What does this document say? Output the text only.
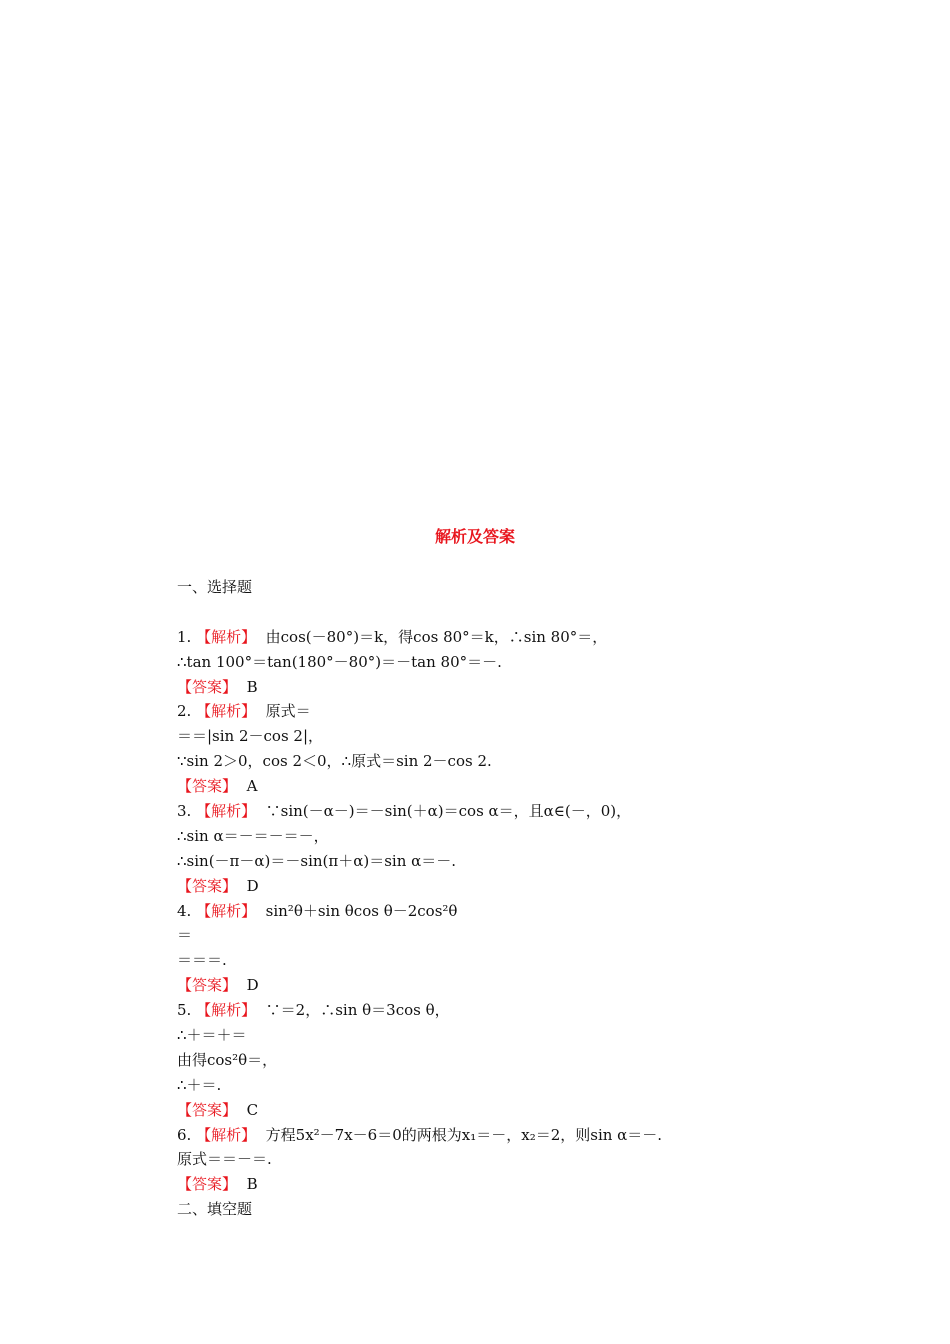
解析及答案
一、选择题
1. 【解析】 由cos(－80°)＝k，得cos 80°＝k，∴sin 80°＝，
∴tan 100°＝tan(180°－80°)＝－tan 80°＝－.
【答案】 B
2. 【解析】 原式＝
＝＝|sin 2－cos 2|，
∵sin 2＞0，cos 2＜0，∴原式＝sin 2－cos 2.
【答案】 A
3. 【解析】 ∵sin(－α－)＝－sin(＋α)＝cos α＝，且α∈(－，0)，
∴sin α＝－＝－＝－，
∴sin(－π－α)＝－sin(π＋α)＝sin α＝－.
【答案】 D
4. 【解析】 sin²θ＋sin θcos θ－2cos²θ
＝
＝＝＝.
【答案】 D
5. 【解析】 ∵＝2，∴sin θ＝3cos θ，
∴＋＝＋＝
由得cos²θ＝，
∴＋＝.
【答案】 C
6. 【解析】 方程5x²－7x－6＝0的两根为x₁＝－，x₂＝2，则sin α＝－.
原式＝＝－＝.
【答案】 B
二、填空题
